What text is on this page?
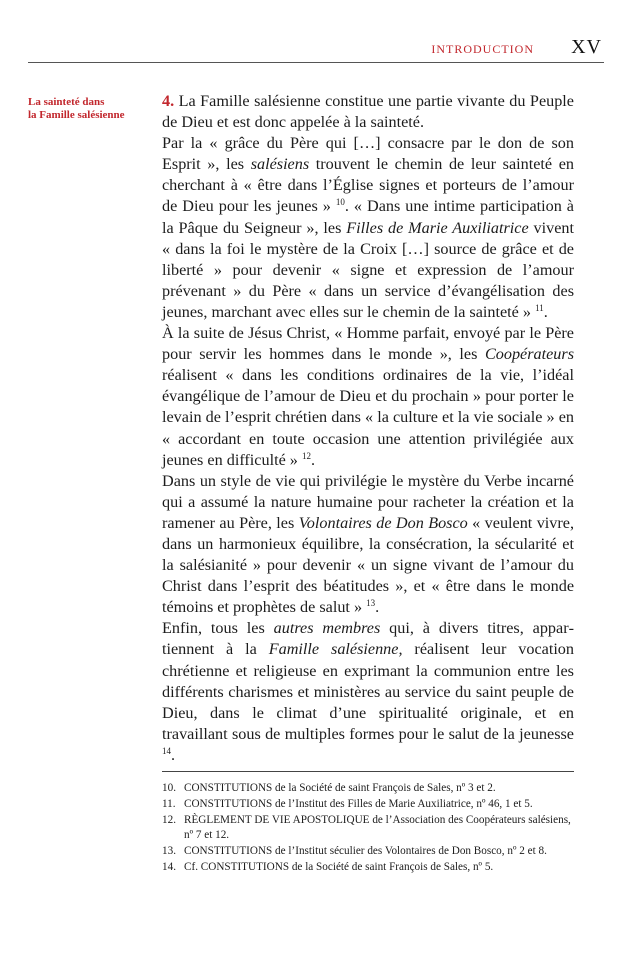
INTRODUCTION XV
La sainteté dans
la Famille salésienne

4. La Famille salésienne constitue une partie vivante du Peuple de Dieu et est donc appelée à la sainteté.

Par la « grâce du Père qui […] consacre par le don de son Esprit », les salésiens trouvent le chemin de leur sainteté en cherchant à « être dans l’Église signes et porteurs de l’amour de Dieu pour les jeunes » $^{10}$. « Dans une intime participation à la Pâque du Seigneur », les Filles de Marie Auxiliatrice vivent « dans la foi le mystère de la Croix […] source de grâce et de liberté » pour devenir « signe et expression de l’amour prévenant » du Père « dans un service d’évangélisation des jeunes, marchant avec elles sur le chemin de la sainteté » $^{11}$.

À la suite de Jésus Christ, « Homme parfait, envoyé par le Père pour servir les hommes dans le monde », les Coopérateurs réalisent « dans les conditions ordinaires de la vie, l’idéal évangélique de l’amour de Dieu et du prochain » pour porter le levain de l’esprit chrétien dans « la culture et la vie sociale » en « accordant en toute occasion une attention privilégiée aux jeunes en difficulté » $^{12}$.

Dans un style de vie qui privilégie le mystère du Verbe incarné qui a assumé la nature humaine pour racheter la création et la ramener au Père, les Volontaires de Don Bosco « veulent vivre, dans un harmonieux équilibre, la consécration, la sécularité et la salésianité » pour devenir « un signe vivant de l’amour du Christ dans l’esprit des béatitudes », et « être dans le monde témoins et prophètes de salut » $^{13}$.

Enfin, tous les autres membres qui, à divers titres, appartiennent à la Famille salésienne, réalisent leur vocation chrétienne et religieuse en exprimant la communion entre les différents charismes et ministères au service du saint peuple de Dieu, dans le climat d’une spiritualité originale, et en travaillant sous de multiples formes pour le salut de la jeunesse $^{14}$.

10. CONSTITUTIONS de la Société de saint François de Sales, nº 3 et 2.
11. CONSTITUTIONS de l’Institut des Filles de Marie Auxiliatrice, nº 46, 1 et 5.
12. RÈGLEMENT DE VIE APOSTOLIQUE de l’Association des Coopérateurs salésiens, nº 7 et 12.
13. CONSTITUTIONS de l’Institut séculier des Volontaires de Don Bosco, nº 2 et 8.
14. Cf. CONSTITUTIONS de la Société de saint François de Sales, nº 5.
